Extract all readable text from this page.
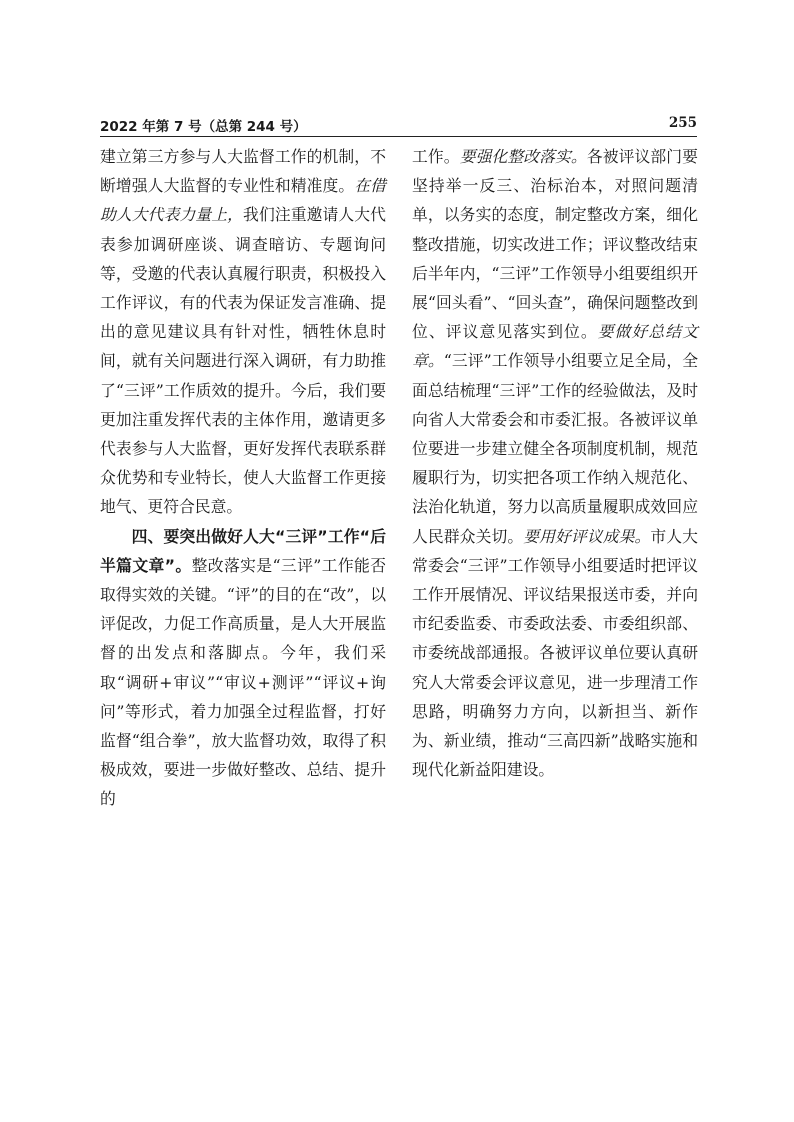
2022 年第 7 号（总第 244 号）	255

建立第三方参与人大监督工作的机制，不断增强人大监督的专业性和精准度。在借助人大代表力量上，我们注重邀请人大代表参加调研座谈、调查暗访、专题询问等，受邀的代表认真履行职责，积极投入工作评议，有的代表为保证发言准确、提出的意见建议具有针对性，牺牲休息时间，就有关问题进行深入调研，有力助推了“三评”工作质效的提升。今后，我们要更加注重发挥代表的主体作用，邀请更多代表参与人大监督，更好发挥代表联系群众优势和专业特长，使人大监督工作更接地气、更符合民意。

四、要突出做好人大“三评”工作“后半篇文章”。整改落实是“三评”工作能否取得实效的关键。“评”的目的在“改”，以评促改，力促工作高质量，是人大开展监督的出发点和落脚点。今年，我们采取“调研+审议”“审议+测评”“评议+询问”等形式，着力加强全过程监督，打好监督“组合拳”，放大监督功效，取得了积极成效，要进一步做好整改、总结、提升的

工作。要强化整改落实。各被评议部门要坚持举一反三、治标治本，对照问题清单，以务实的态度，制定整改方案，细化整改措施，切实改进工作；评议整改结束后半年内，“三评”工作领导小组要组织开展“回头看”、“回头查”，确保问题整改到位、评议意见落实到位。要做好总结文章。“三评”工作领导小组要立足全局，全面总结梳理“三评”工作的经验做法，及时向省人大常委会和市委汇报。各被评议单位要进一步建立健全各项制度机制，规范履职行为，切实把各项工作纳入规范化、法治化轨道，努力以高质量履职成效回应人民群众关切。要用好评议成果。市人大常委会“三评”工作领导小组要适时把评议工作开展情况、评议结果报送市委，并向市纪委监委、市委政法委、市委组织部、市委统战部通报。各被评议单位要认真研究人大常委会评议意见，进一步理清工作思路，明确努力方向，以新担当、新作为、新业绩，推动“三高四新”战略实施和现代化新益阳建设。
